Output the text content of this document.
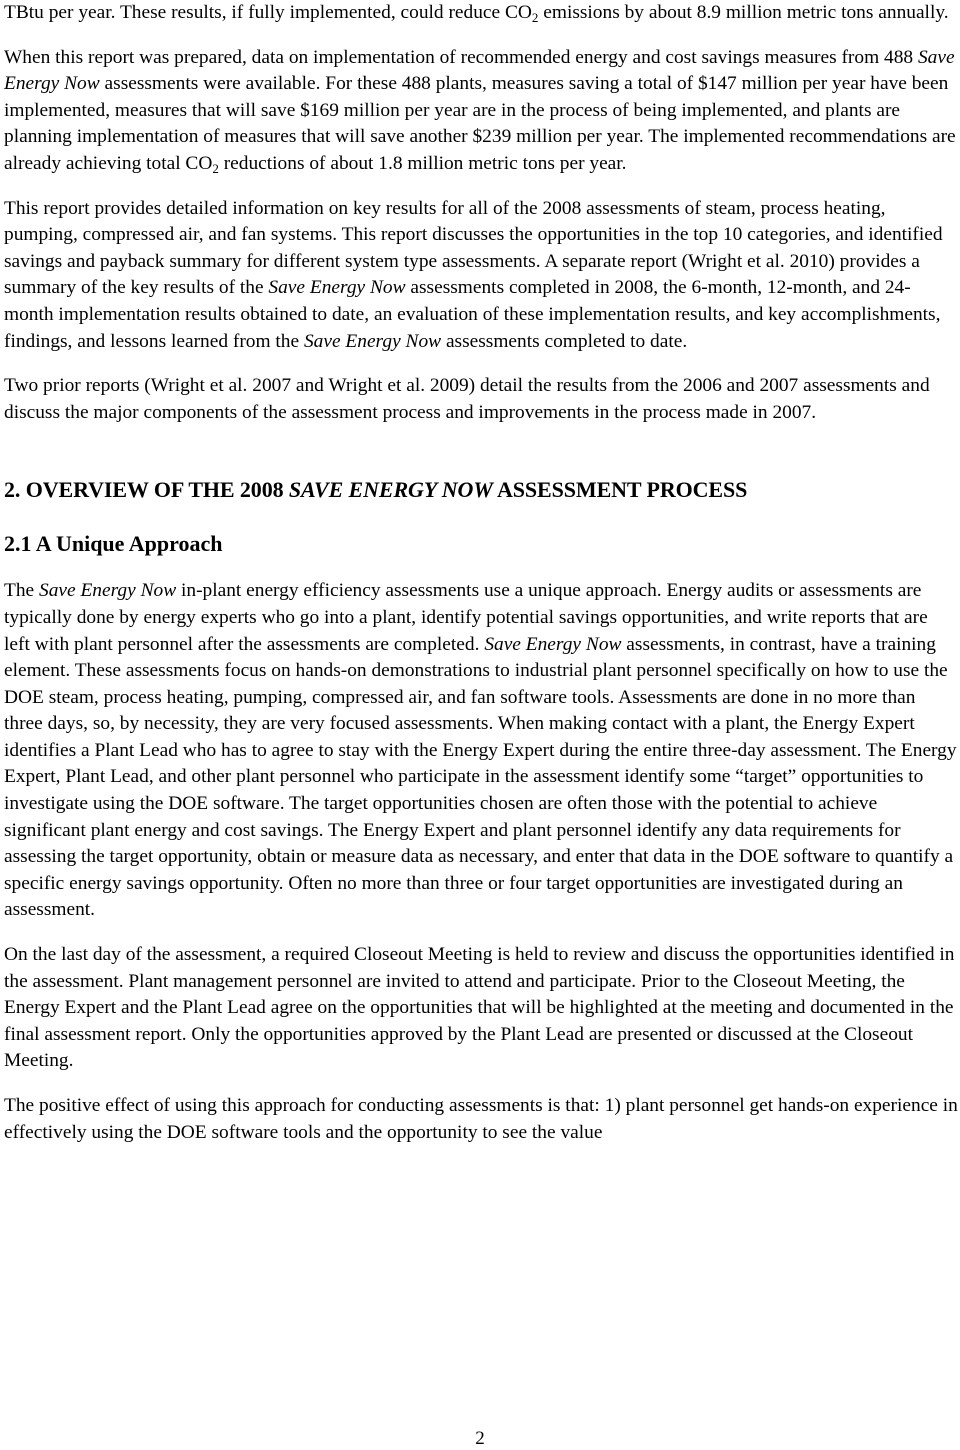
TBtu per year. These results, if fully implemented, could reduce $CO_2$ emissions by about 8.9 million metric tons annually.

When this report was prepared, data on implementation of recommended energy and cost savings measures from 488 Save Energy Now assessments were available. For these 488 plants, measures saving a total of $147 million per year have been implemented, measures that will save $169 million per year are in the process of being implemented, and plants are planning implementation of measures that will save another $239 million per year. The implemented recommendations are already achieving total $CO_2$ reductions of about 1.8 million metric tons per year.

This report provides detailed information on key results for all of the 2008 assessments of steam, process heating, pumping, compressed air, and fan systems. This report discusses the opportunities in the top 10 categories, and identified savings and payback summary for different system type assessments. A separate report (Wright et al. 2010) provides a summary of the key results of the Save Energy Now assessments completed in 2008, the 6-month, 12-month, and 24-month implementation results obtained to date, an evaluation of these implementation results, and key accomplishments, findings, and lessons learned from the Save Energy Now assessments completed to date.

Two prior reports (Wright et al. 2007 and Wright et al. 2009) detail the results from the 2006 and 2007 assessments and discuss the major components of the assessment process and improvements in the process made in 2007.

2. OVERVIEW OF THE 2008 SAVE ENERGY NOW ASSESSMENT PROCESS
2.1 A Unique Approach

The Save Energy Now in-plant energy efficiency assessments use a unique approach. Energy audits or assessments are typically done by energy experts who go into a plant, identify potential savings opportunities, and write reports that are left with plant personnel after the assessments are completed. Save Energy Now assessments, in contrast, have a training element. These assessments focus on hands-on demonstrations to industrial plant personnel specifically on how to use the DOE steam, process heating, pumping, compressed air, and fan software tools. Assessments are done in no more than three days, so, by necessity, they are very focused assessments. When making contact with a plant, the Energy Expert identifies a Plant Lead who has to agree to stay with the Energy Expert during the entire three-day assessment. The Energy Expert, Plant Lead, and other plant personnel who participate in the assessment identify some “target” opportunities to investigate using the DOE software. The target opportunities chosen are often those with the potential to achieve significant plant energy and cost savings. The Energy Expert and plant personnel identify any data requirements for assessing the target opportunity, obtain or measure data as necessary, and enter that data in the DOE software to quantify a specific energy savings opportunity. Often no more than three or four target opportunities are investigated during an assessment.

On the last day of the assessment, a required Closeout Meeting is held to review and discuss the opportunities identified in the assessment. Plant management personnel are invited to attend and participate. Prior to the Closeout Meeting, the Energy Expert and the Plant Lead agree on the opportunities that will be highlighted at the meeting and documented in the final assessment report. Only the opportunities approved by the Plant Lead are presented or discussed at the Closeout Meeting.

The positive effect of using this approach for conducting assessments is that: 1) plant personnel get hands-on experience in effectively using the DOE software tools and the opportunity to see the value

2
